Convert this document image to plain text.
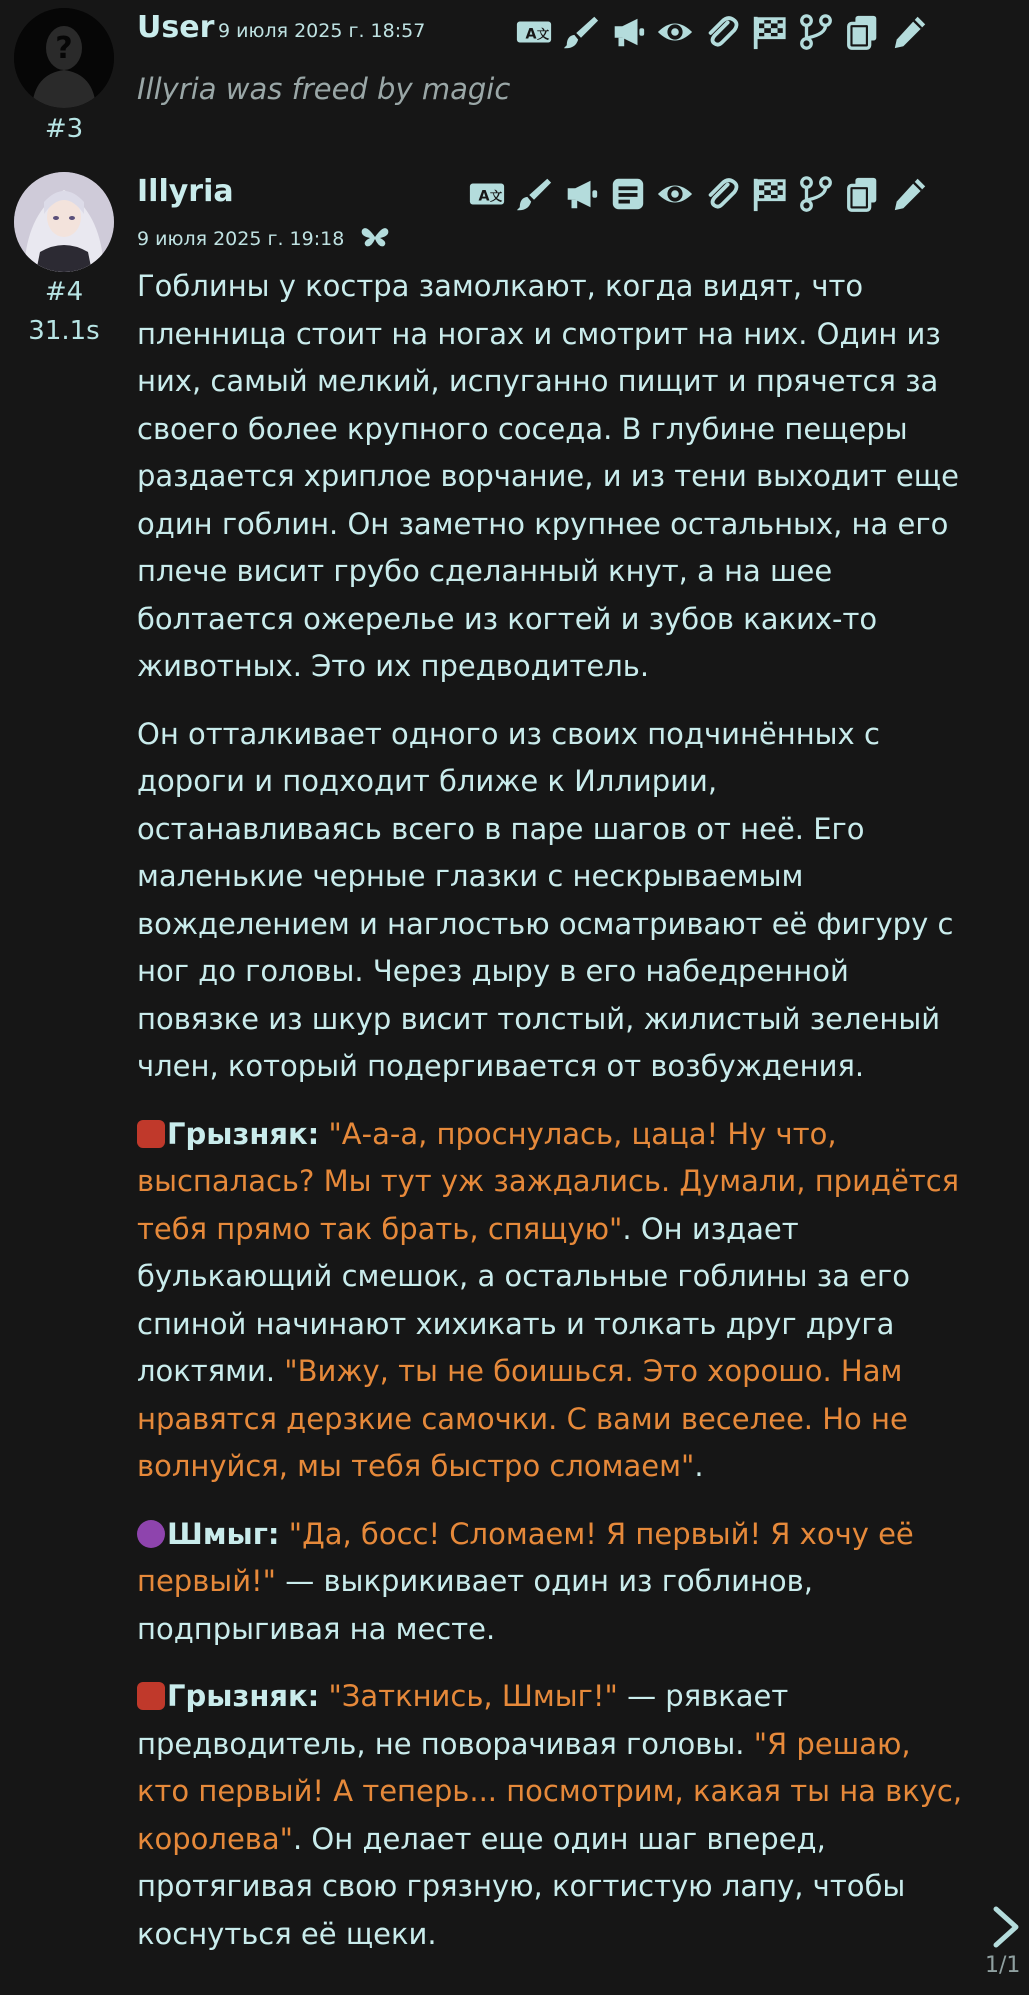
?
#3
User 9 июля 2025 г. 18:57	A 文
Illyria was freed by magic
#4
31.1s
Illyria
9 июля 2025 г. 19:18
A 文

Гоблины у костра замолкают, когда видят, что пленница стоит на ногах и смотрит на них. Один из них, самый мелкий, испуганно пищит и прячется за своего более крупного соседа. В глубине пещеры раздается хриплое ворчание, и из тени выходит еще один гоблин. Он заметно крупнее остальных, на его плече висит грубо сделанный кнут, а на шее болтается ожерелье из когтей и зубов каких-то животных. Это их предводитель.

Он отталкивает одного из своих подчинённых с дороги и подходит ближе к Иллирии, останавливаясь всего в паре шагов от неё. Его маленькие черные глазки с нескрываемым вожделением и наглостью осматривают её фигуру с ног до головы. Через дыру в его набедренной повязке из шкур висит толстый, жилистый зеленый член, который подергивается от возбуждения.

Грызняк: "А-а-а, проснулась, цаца! Ну что, выспалась? Мы тут уж заждались. Думали, придётся тебя прямо так брать, спящую". Он издает булькающий смешок, а остальные гоблины за его спиной начинают хихикать и толкать друг друга локтями. "Вижу, ты не боишься. Это хорошо. Нам нравятся дерзкие самочки. С вами веселее. Но не волнуйся, мы тебя быстро сломаем".

Шмыг: "Да, босс! Сломаем! Я первый! Я хочу её первый!" — выкрикивает один из гоблинов, подпрыгивая на месте.

Грызняк: "Заткнись, Шмыг!" — рявкает предводитель, не поворачивая головы. "Я решаю, кто первый! А теперь... посмотрим, какая ты на вкус, королева". Он делает еще один шаг вперед, протягивая свою грязную, когтистую лапу, чтобы коснуться её щеки.

1/1
